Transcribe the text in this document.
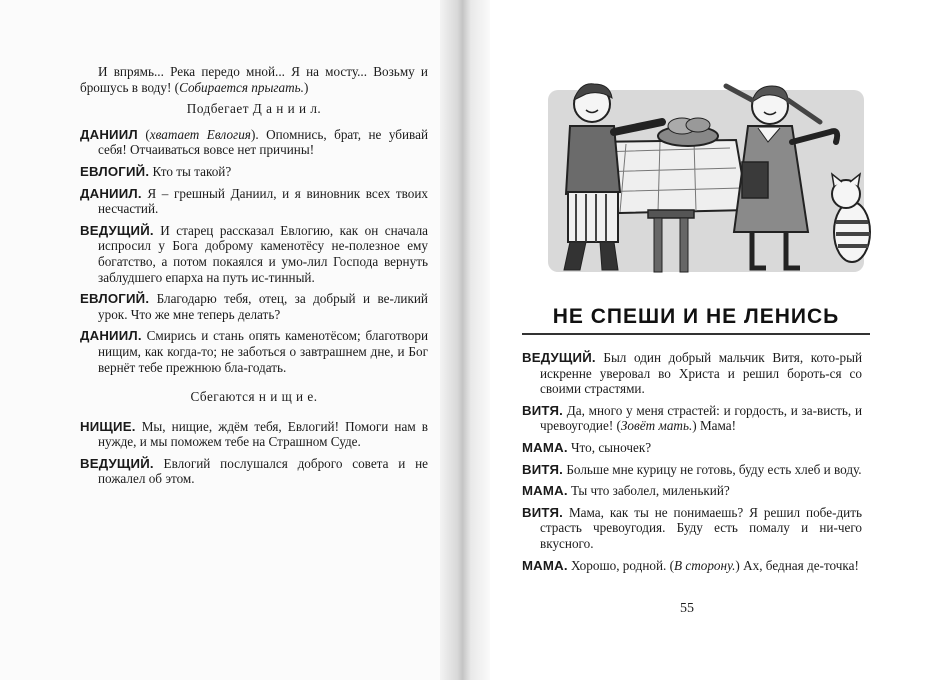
И впрямь... Река передо мной... Я на мосту... Возьму и брошусь в воду! (Собирается прыгать.)

Подбегает Д а н и и л.

ДАНИИЛ (хватает Евлогия). Опомнись, брат, не убивай себя! Отчаиваться вовсе нет причины!

ЕВЛОГИЙ. Кто ты такой?

ДАНИИЛ. Я – грешный Даниил, и я виновник всех твоих несчастий.

ВЕДУЩИЙ. И старец рассказал Евлогию, как он сначала испросил у Бога доброму каменотёсу не-полезное ему богатство, а потом покаялся и умо-лил Господа вернуть заблудшего епарха на путь ис-тинный.

ЕВЛОГИЙ. Благодарю тебя, отец, за добрый и ве-ликий урок. Что же мне теперь делать?

ДАНИИЛ. Смирись и стань опять каменотёсом; благотвори нищим, как когда-то; не заботься о завтрашнем дне, и Бог вернёт тебе прежнюю бла-годать.

Сбегаются н и щ и е.

НИЩИЕ. Мы, нищие, ждём тебя, Евлогий! Помоги нам в нужде, и мы поможем тебе на Страшном Суде.

ВЕДУЩИЙ. Евлогий послушался доброго совета и не пожалел об этом.

НЕ СПЕШИ И НЕ ЛЕНИСЬ

ВЕДУЩИЙ. Был один добрый мальчик Витя, кото-рый искренне уверовал во Христа и решил бороть-ся со своими страстями.

ВИТЯ. Да, много у меня страстей: и гордость, и за-висть, и чревоугодие! (Зовёт мать.) Мама!

МАМА. Что, сыночек?

ВИТЯ. Больше мне курицу не готовь, буду есть хлеб и воду.

МАМА. Ты что заболел, миленький?

ВИТЯ. Мама, как ты не понимаешь? Я решил побе-дить страсть чревоугодия. Буду есть помалу и ни-чего вкусного.

МАМА. Хорошо, родной. (В сторону.) Ах, бедная де-точка!

55
